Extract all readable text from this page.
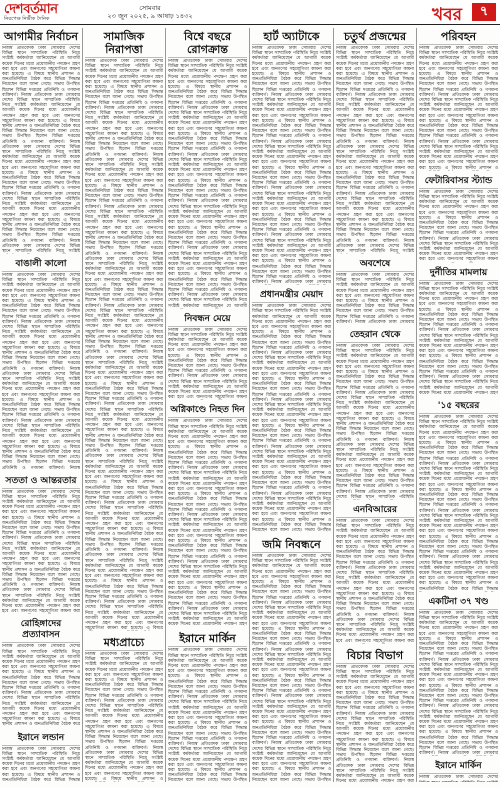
দেশবর্তমান
নিরপেক্ষ নির্ভীক দৈনিক
সোমবার
২৩ জুন ২০২৫, ৯ আষাঢ় ১৪৩২	খবর	৭
আগামীর নির্বাচন

নিজস্ব প্রতিবেদক ঢাকা সোমবার দেশের বিভিন্ন স্থানে সাম্প্রতিক পরিস্থিতি নিয়ে সংশ্লিষ্ট কর্মকর্তারা জানিয়েছেন যে আগামী কয়েক দিনের মধ্যে প্রয়োজনীয় পদক্ষেপ গ্রহণ করা হবে এবং জনগণের সহযোগিতা কামনা করা হয়েছে। এ বিষয়ে স্থানীয় প্রশাসন ও জনপ্রতিনিধিরা বৈঠক করে বিভিন্ন সিদ্ধান্ত নিয়েছেন বলে জানা গেছে। সভায় উপস্থিত ছিলেন বিভিন্ন দপ্তরের প্রতিনিধি ও গণমান্য ব্যক্তিবর্গ। নিজস্ব প্রতিবেদক ঢাকা সোমবার দেশের বিভিন্ন স্থানে সাম্প্রতিক পরিস্থিতি নিয়ে সংশ্লিষ্ট কর্মকর্তারা জানিয়েছেন যে আগামী কয়েক দিনের মধ্যে প্রয়োজনীয় পদক্ষেপ গ্রহণ করা হবে এবং জনগণের সহযোগিতা কামনা করা হয়েছে। এ বিষয়ে স্থানীয় প্রশাসন ও জনপ্রতিনিধিরা বৈঠক করে বিভিন্ন সিদ্ধান্ত নিয়েছেন বলে জানা গেছে। সভায় উপস্থিত ছিলেন বিভিন্ন দপ্তরের প্রতিনিধি ও গণমান্য ব্যক্তিবর্গ। নিজস্ব প্রতিবেদক ঢাকা সোমবার দেশের বিভিন্ন স্থানে সাম্প্রতিক পরিস্থিতি নিয়ে সংশ্লিষ্ট কর্মকর্তারা জানিয়েছেন যে আগামী কয়েক দিনের মধ্যে প্রয়োজনীয় পদক্ষেপ গ্রহণ করা হবে এবং জনগণের সহযোগিতা কামনা করা হয়েছে। এ বিষয়ে স্থানীয় প্রশাসন ও জনপ্রতিনিধিরা বৈঠক করে বিভিন্ন সিদ্ধান্ত নিয়েছেন বলে জানা গেছে। সভায় উপস্থিত ছিলেন বিভিন্ন দপ্তরের প্রতিনিধি ও গণমান্য ব্যক্তিবর্গ। নিজস্ব প্রতিবেদক ঢাকা সোমবার দেশের বিভিন্ন স্থানে সাম্প্রতিক পরিস্থিতি নিয়ে সংশ্লিষ্ট কর্মকর্তারা জানিয়েছেন যে আগামী কয়েক দিনের মধ্যে প্রয়োজনীয় পদক্ষেপ গ্রহণ করা হবে এবং জনগণের সহযোগিতা কামনা করা হয়েছে। এ বিষয়ে স্থানীয় প্রশাসন ও জনপ্রতিনিধিরা বৈঠক করে বিভিন্ন সিদ্ধান্ত নিয়েছেন বলে জানা গেছে। সভায় উপস্থিত ছিলেন বিভিন্ন দপ্তরের প্রতিনিধি ও গণমান্য ব্যক্তিবর্গ। নিজস্ব প্রতিবেদক ঢাকা সোমবার দেশের বিভিন্ন স্থানে সাম্প্রতিক পরিস্থিতি নিয়ে সংশ্লিষ্ট

বাঙালী কালো

নিজস্ব প্রতিবেদক ঢাকা সোমবার দেশের বিভিন্ন স্থানে সাম্প্রতিক পরিস্থিতি নিয়ে সংশ্লিষ্ট কর্মকর্তারা জানিয়েছেন যে আগামী কয়েক দিনের মধ্যে প্রয়োজনীয় পদক্ষেপ গ্রহণ করা হবে এবং জনগণের সহযোগিতা কামনা করা হয়েছে। এ বিষয়ে স্থানীয় প্রশাসন ও জনপ্রতিনিধিরা বৈঠক করে বিভিন্ন সিদ্ধান্ত নিয়েছেন বলে জানা গেছে। সভায় উপস্থিত ছিলেন বিভিন্ন দপ্তরের প্রতিনিধি ও গণমান্য ব্যক্তিবর্গ। নিজস্ব প্রতিবেদক ঢাকা সোমবার দেশের বিভিন্ন স্থানে সাম্প্রতিক পরিস্থিতি নিয়ে সংশ্লিষ্ট কর্মকর্তারা জানিয়েছেন যে আগামী কয়েক দিনের মধ্যে প্রয়োজনীয় পদক্ষেপ গ্রহণ করা হবে এবং জনগণের সহযোগিতা কামনা করা হয়েছে। এ বিষয়ে স্থানীয় প্রশাসন ও জনপ্রতিনিধিরা বৈঠক করে বিভিন্ন সিদ্ধান্ত নিয়েছেন বলে জানা গেছে। সভায় উপস্থিত ছিলেন বিভিন্ন দপ্তরের প্রতিনিধি ও গণমান্য ব্যক্তিবর্গ। নিজস্ব প্রতিবেদক ঢাকা সোমবার দেশের বিভিন্ন স্থানে সাম্প্রতিক পরিস্থিতি নিয়ে সংশ্লিষ্ট কর্মকর্তারা জানিয়েছেন যে আগামী কয়েক দিনের মধ্যে প্রয়োজনীয় পদক্ষেপ গ্রহণ করা হবে এবং জনগণের সহযোগিতা কামনা করা হয়েছে। এ বিষয়ে স্থানীয় প্রশাসন ও জনপ্রতিনিধিরা বৈঠক করে বিভিন্ন সিদ্ধান্ত নিয়েছেন বলে জানা গেছে। সভায় উপস্থিত ছিলেন বিভিন্ন দপ্তরের প্রতিনিধি ও গণমান্য ব্যক্তিবর্গ। নিজস্ব প্রতিবেদক ঢাকা সোমবার দেশের বিভিন্ন স্থানে সাম্প্রতিক পরিস্থিতি নিয়ে সংশ্লিষ্ট কর্মকর্তারা জানিয়েছেন যে আগামী কয়েক দিনের মধ্যে প্রয়োজনীয় পদক্ষেপ গ্রহণ করা হবে এবং জনগণের সহযোগিতা কামনা করা হয়েছে। এ বিষয়ে স্থানীয় প্রশাসন ও জনপ্রতিনিধিরা বৈঠক করে বিভিন্ন সিদ্ধান্ত নিয়েছেন বলে জানা গেছে। সভায় উপস্থিত ছিলেন বিভিন্ন দপ্তরের প্রতিনিধি ও গণমান্য ব্যক্তিবর্গ। নিজস্ব

সততা ও আন্তরতার

নিজস্ব প্রতিবেদক ঢাকা সোমবার দেশের বিভিন্ন স্থানে সাম্প্রতিক পরিস্থিতি নিয়ে সংশ্লিষ্ট কর্মকর্তারা জানিয়েছেন যে আগামী কয়েক দিনের মধ্যে প্রয়োজনীয় পদক্ষেপ গ্রহণ করা হবে এবং জনগণের সহযোগিতা কামনা করা হয়েছে। এ বিষয়ে স্থানীয় প্রশাসন ও জনপ্রতিনিধিরা বৈঠক করে বিভিন্ন সিদ্ধান্ত নিয়েছেন বলে জানা গেছে। সভায় উপস্থিত ছিলেন বিভিন্ন দপ্তরের প্রতিনিধি ও গণমান্য ব্যক্তিবর্গ। নিজস্ব প্রতিবেদক ঢাকা সোমবার দেশের বিভিন্ন স্থানে সাম্প্রতিক পরিস্থিতি নিয়ে সংশ্লিষ্ট কর্মকর্তারা জানিয়েছেন যে আগামী কয়েক দিনের মধ্যে প্রয়োজনীয় পদক্ষেপ গ্রহণ করা হবে এবং জনগণের সহযোগিতা কামনা করা হয়েছে। এ বিষয়ে স্থানীয় প্রশাসন ও জনপ্রতিনিধিরা বৈঠক করে বিভিন্ন সিদ্ধান্ত নিয়েছেন বলে জানা গেছে। সভায় উপস্থিত ছিলেন বিভিন্ন দপ্তরের প্রতিনিধি ও গণমান্য ব্যক্তিবর্গ। নিজস্ব প্রতিবেদক ঢাকা সোমবার দেশের বিভিন্ন স্থানে সাম্প্রতিক পরিস্থিতি নিয়ে সংশ্লিষ্ট কর্মকর্তারা জানিয়েছেন যে আগামী কয়েক দিনের মধ্যে প্রয়োজনীয় পদক্ষেপ গ্রহণ করা হবে এবং জনগণের সহযোগিতা কামনা করা

রোহিঙ্গাদের প্রত্যাবাসন

নিজস্ব প্রতিবেদক ঢাকা সোমবার দেশের বিভিন্ন স্থানে সাম্প্রতিক পরিস্থিতি নিয়ে সংশ্লিষ্ট কর্মকর্তারা জানিয়েছেন যে আগামী কয়েক দিনের মধ্যে প্রয়োজনীয় পদক্ষেপ গ্রহণ করা হবে এবং জনগণের সহযোগিতা কামনা করা হয়েছে। এ বিষয়ে স্থানীয় প্রশাসন ও জনপ্রতিনিধিরা বৈঠক করে বিভিন্ন সিদ্ধান্ত নিয়েছেন বলে জানা গেছে। সভায় উপস্থিত ছিলেন বিভিন্ন দপ্তরের প্রতিনিধি ও গণমান্য ব্যক্তিবর্গ। নিজস্ব প্রতিবেদক ঢাকা সোমবার দেশের বিভিন্ন স্থানে সাম্প্রতিক পরিস্থিতি নিয়ে সংশ্লিষ্ট কর্মকর্তারা জানিয়েছেন যে আগামী কয়েক দিনের মধ্যে প্রয়োজনীয় পদক্ষেপ গ্রহণ করা হবে এবং জনগণের সহযোগিতা কামনা করা হয়েছে। এ বিষয়ে স্থানীয় প্রশাসন ও জনপ্রতিনিধিরা বৈঠক করে

ইরানে লন্ডান

নিজস্ব প্রতিবেদক ঢাকা সোমবার দেশের বিভিন্ন স্থানে সাম্প্রতিক পরিস্থিতি নিয়ে সংশ্লিষ্ট কর্মকর্তারা জানিয়েছেন যে আগামী কয়েক দিনের মধ্যে প্রয়োজনীয় পদক্ষেপ গ্রহণ করা হবে এবং জনগণের সহযোগিতা কামনা করা হয়েছে। এ বিষয়ে স্থানীয় প্রশাসন ও জনপ্রতিনিধিরা বৈঠক করে বিভিন্ন সিদ্ধান্ত

সামাজিক নিরাপত্তা

নিজস্ব প্রতিবেদক ঢাকা সোমবার দেশের বিভিন্ন স্থানে সাম্প্রতিক পরিস্থিতি নিয়ে সংশ্লিষ্ট কর্মকর্তারা জানিয়েছেন যে আগামী কয়েক দিনের মধ্যে প্রয়োজনীয় পদক্ষেপ গ্রহণ করা হবে এবং জনগণের সহযোগিতা কামনা করা হয়েছে। এ বিষয়ে স্থানীয় প্রশাসন ও জনপ্রতিনিধিরা বৈঠক করে বিভিন্ন সিদ্ধান্ত নিয়েছেন বলে জানা গেছে। সভায় উপস্থিত ছিলেন বিভিন্ন দপ্তরের প্রতিনিধি ও গণমান্য ব্যক্তিবর্গ। নিজস্ব প্রতিবেদক ঢাকা সোমবার দেশের বিভিন্ন স্থানে সাম্প্রতিক পরিস্থিতি নিয়ে সংশ্লিষ্ট কর্মকর্তারা জানিয়েছেন যে আগামী কয়েক দিনের মধ্যে প্রয়োজনীয় পদক্ষেপ গ্রহণ করা হবে এবং জনগণের সহযোগিতা কামনা করা হয়েছে। এ বিষয়ে স্থানীয় প্রশাসন ও জনপ্রতিনিধিরা বৈঠক করে বিভিন্ন সিদ্ধান্ত নিয়েছেন বলে জানা গেছে। সভায় উপস্থিত ছিলেন বিভিন্ন দপ্তরের প্রতিনিধি ও গণমান্য ব্যক্তিবর্গ। নিজস্ব প্রতিবেদক ঢাকা সোমবার দেশের বিভিন্ন স্থানে সাম্প্রতিক পরিস্থিতি নিয়ে সংশ্লিষ্ট কর্মকর্তারা জানিয়েছেন যে আগামী কয়েক দিনের মধ্যে প্রয়োজনীয় পদক্ষেপ গ্রহণ করা হবে এবং জনগণের সহযোগিতা কামনা করা হয়েছে। এ বিষয়ে স্থানীয় প্রশাসন ও জনপ্রতিনিধিরা বৈঠক করে বিভিন্ন সিদ্ধান্ত নিয়েছেন বলে জানা গেছে। সভায় উপস্থিত ছিলেন বিভিন্ন দপ্তরের প্রতিনিধি ও গণমান্য ব্যক্তিবর্গ। নিজস্ব প্রতিবেদক ঢাকা সোমবার দেশের বিভিন্ন স্থানে সাম্প্রতিক পরিস্থিতি নিয়ে সংশ্লিষ্ট কর্মকর্তারা জানিয়েছেন যে আগামী কয়েক দিনের মধ্যে প্রয়োজনীয় পদক্ষেপ গ্রহণ করা হবে এবং জনগণের সহযোগিতা কামনা করা হয়েছে। এ বিষয়ে স্থানীয় প্রশাসন ও জনপ্রতিনিধিরা বৈঠক করে বিভিন্ন সিদ্ধান্ত নিয়েছেন বলে জানা গেছে। সভায় উপস্থিত ছিলেন বিভিন্ন দপ্তরের প্রতিনিধি ও গণমান্য ব্যক্তিবর্গ। নিজস্ব প্রতিবেদক ঢাকা সোমবার দেশের বিভিন্ন স্থানে সাম্প্রতিক পরিস্থিতি নিয়ে সংশ্লিষ্ট কর্মকর্তারা জানিয়েছেন যে আগামী কয়েক দিনের মধ্যে প্রয়োজনীয় পদক্ষেপ গ্রহণ করা হবে এবং জনগণের সহযোগিতা কামনা করা হয়েছে। এ বিষয়ে স্থানীয় প্রশাসন ও জনপ্রতিনিধিরা বৈঠক করে বিভিন্ন সিদ্ধান্ত নিয়েছেন বলে জানা গেছে। সভায় উপস্থিত ছিলেন বিভিন্ন দপ্তরের প্রতিনিধি ও গণমান্য ব্যক্তিবর্গ। নিজস্ব প্রতিবেদক ঢাকা সোমবার দেশের বিভিন্ন স্থানে সাম্প্রতিক পরিস্থিতি নিয়ে সংশ্লিষ্ট কর্মকর্তারা জানিয়েছেন যে আগামী কয়েক দিনের মধ্যে প্রয়োজনীয় পদক্ষেপ গ্রহণ করা হবে এবং জনগণের সহযোগিতা কামনা করা হয়েছে। এ বিষয়ে স্থানীয় প্রশাসন ও জনপ্রতিনিধিরা বৈঠক করে বিভিন্ন সিদ্ধান্ত নিয়েছেন বলে জানা গেছে। সভায় উপস্থিত ছিলেন বিভিন্ন দপ্তরের প্রতিনিধি ও গণমান্য ব্যক্তিবর্গ। নিজস্ব প্রতিবেদক ঢাকা সোমবার দেশের বিভিন্ন স্থানে সাম্প্রতিক পরিস্থিতি নিয়ে সংশ্লিষ্ট কর্মকর্তারা জানিয়েছেন যে আগামী কয়েক দিনের মধ্যে প্রয়োজনীয় পদক্ষেপ গ্রহণ করা হবে এবং জনগণের সহযোগিতা কামনা করা হয়েছে। এ বিষয়ে স্থানীয় প্রশাসন ও জনপ্রতিনিধিরা বৈঠক করে বিভিন্ন সিদ্ধান্ত নিয়েছেন বলে জানা গেছে। সভায় উপস্থিত ছিলেন বিভিন্ন দপ্তরের প্রতিনিধি ও গণমান্য ব্যক্তিবর্গ। নিজস্ব প্রতিবেদক ঢাকা সোমবার দেশের বিভিন্ন স্থানে সাম্প্রতিক পরিস্থিতি নিয়ে সংশ্লিষ্ট কর্মকর্তারা জানিয়েছেন যে আগামী কয়েক দিনের মধ্যে প্রয়োজনীয় পদক্ষেপ গ্রহণ করা হবে এবং জনগণের সহযোগিতা কামনা করা হয়েছে। এ বিষয়ে স্থানীয় প্রশাসন ও জনপ্রতিনিধিরা বৈঠক করে বিভিন্ন সিদ্ধান্ত নিয়েছেন বলে জানা গেছে। সভায় উপস্থিত ছিলেন বিভিন্ন দপ্তরের প্রতিনিধি ও গণমান্য ব্যক্তিবর্গ। নিজস্ব প্রতিবেদক ঢাকা সোমবার দেশের বিভিন্ন স্থানে সাম্প্রতিক পরিস্থিতি নিয়ে সংশ্লিষ্ট কর্মকর্তারা জানিয়েছেন যে আগামী কয়েক দিনের মধ্যে প্রয়োজনীয় পদক্ষেপ গ্রহণ করা হবে এবং জনগণের সহযোগিতা কামনা করা হয়েছে। এ বিষয়ে স্থানীয় প্রশাসন ও জনপ্রতিনিধিরা বৈঠক করে বিভিন্ন সিদ্ধান্ত নিয়েছেন বলে জানা গেছে। সভায় উপস্থিত ছিলেন বিভিন্ন দপ্তরের প্রতিনিধি ও গণমান্য ব্যক্তিবর্গ। নিজস্ব প্রতিবেদক ঢাকা সোমবার দেশের বিভিন্ন স্থানে সাম্প্রতিক পরিস্থিতি নিয়ে সংশ্লিষ্ট কর্মকর্তারা জানিয়েছেন যে আগামী কয়েক দিনের মধ্যে প্রয়োজনীয় পদক্ষেপ গ্রহণ করা হবে এবং জনগণের সহযোগিতা কামনা করা হয়েছে। এ বিষয়ে স্থানীয় প্রশাসন ও জনপ্রতিনিধিরা বৈঠক করে বিভিন্ন সিদ্ধান্ত নিয়েছেন বলে জানা গেছে। সভায় উপস্থিত ছিলেন বিভিন্ন দপ্তরের প্রতিনিধি ও গণমান্য ব্যক্তিবর্গ। নিজস্ব প্রতিবেদক ঢাকা সোমবার দেশের বিভিন্ন স্থানে সাম্প্রতিক পরিস্থিতি নিয়ে সংশ্লিষ্ট কর্মকর্তারা জানিয়েছেন যে আগামী কয়েক দিনের মধ্যে প্রয়োজনীয় পদক্ষেপ গ্রহণ করা হবে এবং জনগণের সহযোগিতা কামনা করা হয়েছে। এ বিষয়ে স্থানীয় প্রশাসন ও জনপ্রতিনিধিরা বৈঠক করে বিভিন্ন সিদ্ধান্ত নিয়েছেন বলে জানা গেছে। সভায় উপস্থিত ছিলেন বিভিন্ন দপ্তরের প্রতিনিধি ও গণমান্য ব্যক্তিবর্গ। নিজস্ব প্রতিবেদক ঢাকা সোমবার দেশের বিভিন্ন স্থানে সাম্প্রতিক পরিস্থিতি নিয়ে সংশ্লিষ্ট কর্মকর্তারা জানিয়েছেন যে আগামী কয়েক দিনের মধ্যে প্রয়োজনীয় পদক্ষেপ গ্রহণ করা হবে এবং জনগণের সহযোগিতা কামনা করা হয়েছে। এ বিষয়ে

মধ্যপ্রাচ্যে

নিজস্ব প্রতিবেদক ঢাকা সোমবার দেশের বিভিন্ন স্থানে সাম্প্রতিক পরিস্থিতি নিয়ে সংশ্লিষ্ট কর্মকর্তারা জানিয়েছেন যে আগামী কয়েক দিনের মধ্যে প্রয়োজনীয় পদক্ষেপ গ্রহণ করা হবে এবং জনগণের সহযোগিতা কামনা করা হয়েছে। এ বিষয়ে স্থানীয় প্রশাসন ও জনপ্রতিনিধিরা বৈঠক করে বিভিন্ন সিদ্ধান্ত নিয়েছেন বলে জানা গেছে। সভায় উপস্থিত ছিলেন বিভিন্ন দপ্তরের প্রতিনিধি ও গণমান্য ব্যক্তিবর্গ। নিজস্ব প্রতিবেদক ঢাকা সোমবার দেশের বিভিন্ন স্থানে সাম্প্রতিক পরিস্থিতি নিয়ে সংশ্লিষ্ট কর্মকর্তারা জানিয়েছেন যে আগামী কয়েক দিনের মধ্যে প্রয়োজনীয় পদক্ষেপ গ্রহণ করা হবে এবং জনগণের সহযোগিতা কামনা করা হয়েছে। এ বিষয়ে স্থানীয় প্রশাসন ও জনপ্রতিনিধিরা বৈঠক করে বিভিন্ন সিদ্ধান্ত নিয়েছেন বলে জানা গেছে। সভায় উপস্থিত ছিলেন বিভিন্ন দপ্তরের প্রতিনিধি ও গণমান্য ব্যক্তিবর্গ। নিজস্ব প্রতিবেদক ঢাকা সোমবার দেশের বিভিন্ন স্থানে সাম্প্রতিক পরিস্থিতি নিয়ে সংশ্লিষ্ট কর্মকর্তারা জানিয়েছেন যে আগামী কয়েক দিনের মধ্যে প্রয়োজনীয় পদক্ষেপ গ্রহণ করা হবে এবং জনগণের সহযোগিতা কামনা করা হয়েছে। এ বিষয়ে স্থানীয় প্রশাসন ও

বিশ্বে বছরে রোগক্রান্ত

নিজস্ব প্রতিবেদক ঢাকা সোমবার দেশের বিভিন্ন স্থানে সাম্প্রতিক পরিস্থিতি নিয়ে সংশ্লিষ্ট কর্মকর্তারা জানিয়েছেন যে আগামী কয়েক দিনের মধ্যে প্রয়োজনীয় পদক্ষেপ গ্রহণ করা হবে এবং জনগণের সহযোগিতা কামনা করা হয়েছে। এ বিষয়ে স্থানীয় প্রশাসন ও জনপ্রতিনিধিরা বৈঠক করে বিভিন্ন সিদ্ধান্ত নিয়েছেন বলে জানা গেছে। সভায় উপস্থিত ছিলেন বিভিন্ন দপ্তরের প্রতিনিধি ও গণমান্য ব্যক্তিবর্গ। নিজস্ব প্রতিবেদক ঢাকা সোমবার দেশের বিভিন্ন স্থানে সাম্প্রতিক পরিস্থিতি নিয়ে সংশ্লিষ্ট কর্মকর্তারা জানিয়েছেন যে আগামী কয়েক দিনের মধ্যে প্রয়োজনীয় পদক্ষেপ গ্রহণ করা হবে এবং জনগণের সহযোগিতা কামনা করা হয়েছে। এ বিষয়ে স্থানীয় প্রশাসন ও জনপ্রতিনিধিরা বৈঠক করে বিভিন্ন সিদ্ধান্ত নিয়েছেন বলে জানা গেছে। সভায় উপস্থিত ছিলেন বিভিন্ন দপ্তরের প্রতিনিধি ও গণমান্য ব্যক্তিবর্গ। নিজস্ব প্রতিবেদক ঢাকা সোমবার দেশের বিভিন্ন স্থানে সাম্প্রতিক পরিস্থিতি নিয়ে সংশ্লিষ্ট কর্মকর্তারা জানিয়েছেন যে আগামী কয়েক দিনের মধ্যে প্রয়োজনীয় পদক্ষেপ গ্রহণ করা হবে এবং জনগণের সহযোগিতা কামনা করা হয়েছে। এ বিষয়ে স্থানীয় প্রশাসন ও জনপ্রতিনিধিরা বৈঠক করে বিভিন্ন সিদ্ধান্ত নিয়েছেন বলে জানা গেছে। সভায় উপস্থিত ছিলেন বিভিন্ন দপ্তরের প্রতিনিধি ও গণমান্য ব্যক্তিবর্গ। নিজস্ব প্রতিবেদক ঢাকা সোমবার দেশের বিভিন্ন স্থানে সাম্প্রতিক পরিস্থিতি নিয়ে সংশ্লিষ্ট কর্মকর্তারা জানিয়েছেন যে আগামী কয়েক দিনের মধ্যে প্রয়োজনীয় পদক্ষেপ গ্রহণ করা হবে এবং জনগণের সহযোগিতা কামনা করা হয়েছে। এ বিষয়ে স্থানীয় প্রশাসন ও জনপ্রতিনিধিরা বৈঠক করে বিভিন্ন সিদ্ধান্ত নিয়েছেন বলে জানা গেছে। সভায় উপস্থিত ছিলেন বিভিন্ন দপ্তরের প্রতিনিধি ও গণমান্য ব্যক্তিবর্গ। নিজস্ব প্রতিবেদক ঢাকা সোমবার দেশের বিভিন্ন স্থানে সাম্প্রতিক পরিস্থিতি নিয়ে সংশ্লিষ্ট কর্মকর্তারা জানিয়েছেন যে আগামী কয়েক দিনের মধ্যে প্রয়োজনীয় পদক্ষেপ গ্রহণ করা হবে এবং জনগণের সহযোগিতা কামনা করা হয়েছে। এ বিষয়ে স্থানীয় প্রশাসন ও জনপ্রতিনিধিরা বৈঠক করে বিভিন্ন সিদ্ধান্ত নিয়েছেন বলে জানা গেছে। সভায় উপস্থিত ছিলেন বিভিন্ন দপ্তরের প্রতিনিধি ও গণমান্য ব্যক্তিবর্গ। নিজস্ব প্রতিবেদক ঢাকা সোমবার দেশের বিভিন্ন স্থানে সাম্প্রতিক পরিস্থিতি নিয়ে সংশ্লিষ্ট কর্মকর্তারা জানিয়েছেন যে আগামী

নিবন্ধন মেয়ে

নিজস্ব প্রতিবেদক ঢাকা সোমবার দেশের বিভিন্ন স্থানে সাম্প্রতিক পরিস্থিতি নিয়ে সংশ্লিষ্ট কর্মকর্তারা জানিয়েছেন যে আগামী কয়েক দিনের মধ্যে প্রয়োজনীয় পদক্ষেপ গ্রহণ করা হবে এবং জনগণের সহযোগিতা কামনা করা হয়েছে। এ বিষয়ে স্থানীয় প্রশাসন ও জনপ্রতিনিধিরা বৈঠক করে বিভিন্ন সিদ্ধান্ত নিয়েছেন বলে জানা গেছে। সভায় উপস্থিত ছিলেন বিভিন্ন দপ্তরের প্রতিনিধি ও গণমান্য ব্যক্তিবর্গ। নিজস্ব প্রতিবেদক ঢাকা সোমবার দেশের বিভিন্ন স্থানে সাম্প্রতিক পরিস্থিতি নিয়ে সংশ্লিষ্ট কর্মকর্তারা জানিয়েছেন যে আগামী কয়েক দিনের মধ্যে প্রয়োজনীয় পদক্ষেপ গ্রহণ করা হবে এবং জনগণের সহযোগিতা কামনা

অগ্নিকাণ্ডে নিহত দিন

নিজস্ব প্রতিবেদক ঢাকা সোমবার দেশের বিভিন্ন স্থানে সাম্প্রতিক পরিস্থিতি নিয়ে সংশ্লিষ্ট কর্মকর্তারা জানিয়েছেন যে আগামী কয়েক দিনের মধ্যে প্রয়োজনীয় পদক্ষেপ গ্রহণ করা হবে এবং জনগণের সহযোগিতা কামনা করা হয়েছে। এ বিষয়ে স্থানীয় প্রশাসন ও জনপ্রতিনিধিরা বৈঠক করে বিভিন্ন সিদ্ধান্ত নিয়েছেন বলে জানা গেছে। সভায় উপস্থিত ছিলেন বিভিন্ন দপ্তরের প্রতিনিধি ও গণমান্য ব্যক্তিবর্গ। নিজস্ব প্রতিবেদক ঢাকা সোমবার দেশের বিভিন্ন স্থানে সাম্প্রতিক পরিস্থিতি নিয়ে সংশ্লিষ্ট কর্মকর্তারা জানিয়েছেন যে আগামী কয়েক দিনের মধ্যে প্রয়োজনীয় পদক্ষেপ গ্রহণ করা হবে এবং জনগণের সহযোগিতা কামনা করা হয়েছে। এ বিষয়ে স্থানীয় প্রশাসন ও জনপ্রতিনিধিরা বৈঠক করে বিভিন্ন সিদ্ধান্ত নিয়েছেন বলে জানা গেছে। সভায় উপস্থিত ছিলেন বিভিন্ন দপ্তরের প্রতিনিধি ও গণমান্য ব্যক্তিবর্গ। নিজস্ব প্রতিবেদক ঢাকা সোমবার দেশের বিভিন্ন স্থানে সাম্প্রতিক পরিস্থিতি নিয়ে সংশ্লিষ্ট কর্মকর্তারা জানিয়েছেন যে আগামী কয়েক দিনের মধ্যে প্রয়োজনীয় পদক্ষেপ গ্রহণ করা হবে এবং জনগণের সহযোগিতা কামনা করা হয়েছে। এ বিষয়ে স্থানীয় প্রশাসন ও জনপ্রতিনিধিরা বৈঠক করে বিভিন্ন সিদ্ধান্ত নিয়েছেন বলে জানা গেছে। সভায় উপস্থিত ছিলেন বিভিন্ন দপ্তরের প্রতিনিধি ও গণমান্য ব্যক্তিবর্গ। নিজস্ব প্রতিবেদক ঢাকা সোমবার দেশের বিভিন্ন স্থানে সাম্প্রতিক পরিস্থিতি নিয়ে সংশ্লিষ্ট কর্মকর্তারা জানিয়েছেন যে আগামী কয়েক দিনের মধ্যে প্রয়োজনীয় পদক্ষেপ গ্রহণ করা হবে এবং জনগণের সহযোগিতা কামনা করা হয়েছে। এ বিষয়ে স্থানীয় প্রশাসন ও জনপ্রতিনিধিরা বৈঠক করে বিভিন্ন সিদ্ধান্ত নিয়েছেন বলে জানা গেছে। সভায় উপস্থিত ছিলেন বিভিন্ন দপ্তরের প্রতিনিধি ও গণমান্য ব্যক্তিবর্গ। নিজস্ব প্রতিবেদক ঢাকা সোমবার দেশের বিভিন্ন স্থানে সাম্প্রতিক পরিস্থিতি নিয়ে সংশ্লিষ্ট কর্মকর্তারা জানিয়েছেন যে আগামী কয়েক দিনের মধ্যে প্রয়োজনীয় পদক্ষেপ গ্রহণ

ইরানে মার্কিন

নিজস্ব প্রতিবেদক ঢাকা সোমবার দেশের বিভিন্ন স্থানে সাম্প্রতিক পরিস্থিতি নিয়ে সংশ্লিষ্ট কর্মকর্তারা জানিয়েছেন যে আগামী কয়েক দিনের মধ্যে প্রয়োজনীয় পদক্ষেপ গ্রহণ করা হবে এবং জনগণের সহযোগিতা কামনা করা হয়েছে। এ বিষয়ে স্থানীয় প্রশাসন ও জনপ্রতিনিধিরা বৈঠক করে বিভিন্ন সিদ্ধান্ত নিয়েছেন বলে জানা গেছে। সভায় উপস্থিত ছিলেন বিভিন্ন দপ্তরের প্রতিনিধি ও গণমান্য ব্যক্তিবর্গ। নিজস্ব প্রতিবেদক ঢাকা সোমবার দেশের বিভিন্ন স্থানে সাম্প্রতিক পরিস্থিতি নিয়ে সংশ্লিষ্ট কর্মকর্তারা জানিয়েছেন যে আগামী কয়েক দিনের মধ্যে প্রয়োজনীয় পদক্ষেপ গ্রহণ করা হবে এবং জনগণের সহযোগিতা কামনা করা হয়েছে। এ বিষয়ে স্থানীয় প্রশাসন ও জনপ্রতিনিধিরা বৈঠক করে বিভিন্ন সিদ্ধান্ত নিয়েছেন বলে জানা গেছে। সভায় উপস্থিত ছিলেন বিভিন্ন দপ্তরের প্রতিনিধি ও গণমান্য ব্যক্তিবর্গ। নিজস্ব প্রতিবেদক ঢাকা সোমবার দেশের বিভিন্ন স্থানে সাম্প্রতিক পরিস্থিতি নিয়ে সংশ্লিষ্ট কর্মকর্তারা জানিয়েছেন যে আগামী কয়েক দিনের মধ্যে প্রয়োজনীয় পদক্ষেপ গ্রহণ করা হবে এবং জনগণের সহযোগিতা কামনা করা হয়েছে। এ বিষয়ে স্থানীয় প্রশাসন ও জনপ্রতিনিধিরা বৈঠক করে বিভিন্ন সিদ্ধান্ত নিয়েছেন বলে জানা গেছে। সভায় উপস্থিত

হার্ট অ্যাটাকে

নিজস্ব প্রতিবেদক ঢাকা সোমবার দেশের বিভিন্ন স্থানে সাম্প্রতিক পরিস্থিতি নিয়ে সংশ্লিষ্ট কর্মকর্তারা জানিয়েছেন যে আগামী কয়েক দিনের মধ্যে প্রয়োজনীয় পদক্ষেপ গ্রহণ করা হবে এবং জনগণের সহযোগিতা কামনা করা হয়েছে। এ বিষয়ে স্থানীয় প্রশাসন ও জনপ্রতিনিধিরা বৈঠক করে বিভিন্ন সিদ্ধান্ত নিয়েছেন বলে জানা গেছে। সভায় উপস্থিত ছিলেন বিভিন্ন দপ্তরের প্রতিনিধি ও গণমান্য ব্যক্তিবর্গ। নিজস্ব প্রতিবেদক ঢাকা সোমবার দেশের বিভিন্ন স্থানে সাম্প্রতিক পরিস্থিতি নিয়ে সংশ্লিষ্ট কর্মকর্তারা জানিয়েছেন যে আগামী কয়েক দিনের মধ্যে প্রয়োজনীয় পদক্ষেপ গ্রহণ করা হবে এবং জনগণের সহযোগিতা কামনা করা হয়েছে। এ বিষয়ে স্থানীয় প্রশাসন ও জনপ্রতিনিধিরা বৈঠক করে বিভিন্ন সিদ্ধান্ত নিয়েছেন বলে জানা গেছে। সভায় উপস্থিত ছিলেন বিভিন্ন দপ্তরের প্রতিনিধি ও গণমান্য ব্যক্তিবর্গ। নিজস্ব প্রতিবেদক ঢাকা সোমবার দেশের বিভিন্ন স্থানে সাম্প্রতিক পরিস্থিতি নিয়ে সংশ্লিষ্ট কর্মকর্তারা জানিয়েছেন যে আগামী কয়েক দিনের মধ্যে প্রয়োজনীয় পদক্ষেপ গ্রহণ করা হবে এবং জনগণের সহযোগিতা কামনা করা হয়েছে। এ বিষয়ে স্থানীয় প্রশাসন ও জনপ্রতিনিধিরা বৈঠক করে বিভিন্ন সিদ্ধান্ত নিয়েছেন বলে জানা গেছে। সভায় উপস্থিত ছিলেন বিভিন্ন দপ্তরের প্রতিনিধি ও গণমান্য ব্যক্তিবর্গ। নিজস্ব প্রতিবেদক ঢাকা সোমবার দেশের বিভিন্ন স্থানে সাম্প্রতিক পরিস্থিতি নিয়ে সংশ্লিষ্ট কর্মকর্তারা জানিয়েছেন যে আগামী কয়েক দিনের মধ্যে প্রয়োজনীয় পদক্ষেপ গ্রহণ করা হবে এবং জনগণের সহযোগিতা কামনা করা হয়েছে। এ বিষয়ে স্থানীয় প্রশাসন ও জনপ্রতিনিধিরা বৈঠক করে বিভিন্ন সিদ্ধান্ত নিয়েছেন বলে জানা গেছে। সভায় উপস্থিত ছিলেন বিভিন্ন দপ্তরের প্রতিনিধি ও গণমান্য ব্যক্তিবর্গ। নিজস্ব প্রতিবেদক ঢাকা সোমবার দেশের বিভিন্ন স্থানে সাম্প্রতিক পরিস্থিতি নিয়ে সংশ্লিষ্ট কর্মকর্তারা জানিয়েছেন যে আগামী কয়েক দিনের মধ্যে প্রয়োজনীয় পদক্ষেপ গ্রহণ করা হবে এবং জনগণের সহযোগিতা কামনা করা হয়েছে। এ বিষয়ে স্থানীয় প্রশাসন ও জনপ্রতিনিধিরা বৈঠক করে বিভিন্ন সিদ্ধান্ত নিয়েছেন বলে জানা গেছে। সভায় উপস্থিত ছিলেন বিভিন্ন দপ্তরের প্রতিনিধি ও গণমান্য ব্যক্তিবর্গ। নিজস্ব প্রতিবেদক ঢাকা সোমবার

প্রধানমন্ত্রীর মেয়াদ

নিজস্ব প্রতিবেদক ঢাকা সোমবার দেশের বিভিন্ন স্থানে সাম্প্রতিক পরিস্থিতি নিয়ে সংশ্লিষ্ট কর্মকর্তারা জানিয়েছেন যে আগামী কয়েক দিনের মধ্যে প্রয়োজনীয় পদক্ষেপ গ্রহণ করা হবে এবং জনগণের সহযোগিতা কামনা করা হয়েছে। এ বিষয়ে স্থানীয় প্রশাসন ও জনপ্রতিনিধিরা বৈঠক করে বিভিন্ন সিদ্ধান্ত নিয়েছেন বলে জানা গেছে। সভায় উপস্থিত ছিলেন বিভিন্ন দপ্তরের প্রতিনিধি ও গণমান্য ব্যক্তিবর্গ। নিজস্ব প্রতিবেদক ঢাকা সোমবার দেশের বিভিন্ন স্থানে সাম্প্রতিক পরিস্থিতি নিয়ে সংশ্লিষ্ট কর্মকর্তারা জানিয়েছেন যে আগামী কয়েক দিনের মধ্যে প্রয়োজনীয় পদক্ষেপ গ্রহণ করা হবে এবং জনগণের সহযোগিতা কামনা করা হয়েছে। এ বিষয়ে স্থানীয় প্রশাসন ও জনপ্রতিনিধিরা বৈঠক করে বিভিন্ন সিদ্ধান্ত নিয়েছেন বলে জানা গেছে। সভায় উপস্থিত ছিলেন বিভিন্ন দপ্তরের প্রতিনিধি ও গণমান্য ব্যক্তিবর্গ। নিজস্ব প্রতিবেদক ঢাকা সোমবার দেশের বিভিন্ন স্থানে সাম্প্রতিক পরিস্থিতি নিয়ে সংশ্লিষ্ট কর্মকর্তারা জানিয়েছেন যে আগামী কয়েক দিনের মধ্যে প্রয়োজনীয় পদক্ষেপ গ্রহণ করা হবে এবং জনগণের সহযোগিতা কামনা করা হয়েছে। এ বিষয়ে স্থানীয় প্রশাসন ও জনপ্রতিনিধিরা বৈঠক করে বিভিন্ন সিদ্ধান্ত নিয়েছেন বলে জানা গেছে। সভায় উপস্থিত ছিলেন বিভিন্ন দপ্তরের প্রতিনিধি ও গণমান্য ব্যক্তিবর্গ। নিজস্ব প্রতিবেদক ঢাকা সোমবার দেশের বিভিন্ন স্থানে সাম্প্রতিক পরিস্থিতি নিয়ে সংশ্লিষ্ট কর্মকর্তারা জানিয়েছেন যে আগামী কয়েক দিনের মধ্যে প্রয়োজনীয় পদক্ষেপ গ্রহণ করা হবে এবং জনগণের সহযোগিতা কামনা করা হয়েছে। এ বিষয়ে স্থানীয় প্রশাসন ও জনপ্রতিনিধিরা বৈঠক করে বিভিন্ন সিদ্ধান্ত নিয়েছেন বলে জানা গেছে। সভায় উপস্থিত ছিলেন বিভিন্ন দপ্তরের প্রতিনিধি ও গণমান্য ব্যক্তিবর্গ। নিজস্ব প্রতিবেদক ঢাকা সোমবার দেশের বিভিন্ন স্থানে সাম্প্রতিক পরিস্থিতি নিয়ে সংশ্লিষ্ট কর্মকর্তারা জানিয়েছেন যে আগামী কয়েক দিনের মধ্যে প্রয়োজনীয় পদক্ষেপ গ্রহণ করা হবে এবং জনগণের সহযোগিতা কামনা করা হয়েছে। এ বিষয়ে স্থানীয় প্রশাসন ও জনপ্রতিনিধিরা বৈঠক করে বিভিন্ন সিদ্ধান্ত নিয়েছেন বলে জানা গেছে। সভায় উপস্থিত

জমি নিবন্ধনে

নিজস্ব প্রতিবেদক ঢাকা সোমবার দেশের বিভিন্ন স্থানে সাম্প্রতিক পরিস্থিতি নিয়ে সংশ্লিষ্ট কর্মকর্তারা জানিয়েছেন যে আগামী কয়েক দিনের মধ্যে প্রয়োজনীয় পদক্ষেপ গ্রহণ করা হবে এবং জনগণের সহযোগিতা কামনা করা হয়েছে। এ বিষয়ে স্থানীয় প্রশাসন ও জনপ্রতিনিধিরা বৈঠক করে বিভিন্ন সিদ্ধান্ত নিয়েছেন বলে জানা গেছে। সভায় উপস্থিত ছিলেন বিভিন্ন দপ্তরের প্রতিনিধি ও গণমান্য ব্যক্তিবর্গ। নিজস্ব প্রতিবেদক ঢাকা সোমবার দেশের বিভিন্ন স্থানে সাম্প্রতিক পরিস্থিতি নিয়ে সংশ্লিষ্ট কর্মকর্তারা জানিয়েছেন যে আগামী কয়েক দিনের মধ্যে প্রয়োজনীয় পদক্ষেপ গ্রহণ করা হবে এবং জনগণের সহযোগিতা কামনা করা হয়েছে। এ বিষয়ে স্থানীয় প্রশাসন ও জনপ্রতিনিধিরা বৈঠক করে বিভিন্ন সিদ্ধান্ত নিয়েছেন বলে জানা গেছে। সভায় উপস্থিত ছিলেন বিভিন্ন দপ্তরের প্রতিনিধি ও গণমান্য ব্যক্তিবর্গ। নিজস্ব প্রতিবেদক ঢাকা সোমবার দেশের বিভিন্ন স্থানে সাম্প্রতিক পরিস্থিতি নিয়ে সংশ্লিষ্ট কর্মকর্তারা জানিয়েছেন যে আগামী কয়েক দিনের মধ্যে প্রয়োজনীয় পদক্ষেপ গ্রহণ করা হবে এবং জনগণের সহযোগিতা কামনা করা হয়েছে। এ বিষয়ে স্থানীয় প্রশাসন ও জনপ্রতিনিধিরা বৈঠক করে বিভিন্ন সিদ্ধান্ত নিয়েছেন বলে জানা গেছে। সভায় উপস্থিত ছিলেন বিভিন্ন দপ্তরের প্রতিনিধি ও গণমান্য ব্যক্তিবর্গ। নিজস্ব প্রতিবেদক ঢাকা সোমবার দেশের বিভিন্ন স্থানে সাম্প্রতিক পরিস্থিতি নিয়ে সংশ্লিষ্ট কর্মকর্তারা জানিয়েছেন যে আগামী কয়েক দিনের মধ্যে প্রয়োজনীয় পদক্ষেপ গ্রহণ করা হবে এবং জনগণের সহযোগিতা কামনা করা হয়েছে। এ বিষয়ে স্থানীয় প্রশাসন ও জনপ্রতিনিধিরা বৈঠক করে বিভিন্ন সিদ্ধান্ত নিয়েছেন বলে জানা গেছে। সভায় উপস্থিত ছিলেন বিভিন্ন দপ্তরের প্রতিনিধি ও গণমান্য ব্যক্তিবর্গ। নিজস্ব প্রতিবেদক ঢাকা সোমবার দেশের বিভিন্ন স্থানে সাম্প্রতিক পরিস্থিতি নিয়ে সংশ্লিষ্ট কর্মকর্তারা জানিয়েছেন যে আগামী কয়েক দিনের মধ্যে প্রয়োজনীয় পদক্ষেপ গ্রহণ করা হবে এবং জনগণের সহযোগিতা কামনা করা হয়েছে। এ বিষয়ে স্থানীয় প্রশাসন ও জনপ্রতিনিধিরা বৈঠক করে বিভিন্ন সিদ্ধান্ত নিয়েছেন বলে জানা গেছে। সভায় উপস্থিত

চতুর্থ প্রজন্মের

নিজস্ব প্রতিবেদক ঢাকা সোমবার দেশের বিভিন্ন স্থানে সাম্প্রতিক পরিস্থিতি নিয়ে সংশ্লিষ্ট কর্মকর্তারা জানিয়েছেন যে আগামী কয়েক দিনের মধ্যে প্রয়োজনীয় পদক্ষেপ গ্রহণ করা হবে এবং জনগণের সহযোগিতা কামনা করা হয়েছে। এ বিষয়ে স্থানীয় প্রশাসন ও জনপ্রতিনিধিরা বৈঠক করে বিভিন্ন সিদ্ধান্ত নিয়েছেন বলে জানা গেছে। সভায় উপস্থিত ছিলেন বিভিন্ন দপ্তরের প্রতিনিধি ও গণমান্য ব্যক্তিবর্গ। নিজস্ব প্রতিবেদক ঢাকা সোমবার দেশের বিভিন্ন স্থানে সাম্প্রতিক পরিস্থিতি নিয়ে সংশ্লিষ্ট কর্মকর্তারা জানিয়েছেন যে আগামী কয়েক দিনের মধ্যে প্রয়োজনীয় পদক্ষেপ গ্রহণ করা হবে এবং জনগণের সহযোগিতা কামনা করা হয়েছে। এ বিষয়ে স্থানীয় প্রশাসন ও জনপ্রতিনিধিরা বৈঠক করে বিভিন্ন সিদ্ধান্ত নিয়েছেন বলে জানা গেছে। সভায় উপস্থিত ছিলেন বিভিন্ন দপ্তরের প্রতিনিধি ও গণমান্য ব্যক্তিবর্গ। নিজস্ব প্রতিবেদক ঢাকা সোমবার দেশের বিভিন্ন স্থানে সাম্প্রতিক পরিস্থিতি নিয়ে সংশ্লিষ্ট কর্মকর্তারা জানিয়েছেন যে আগামী কয়েক দিনের মধ্যে প্রয়োজনীয় পদক্ষেপ গ্রহণ করা হবে এবং জনগণের সহযোগিতা কামনা করা হয়েছে। এ বিষয়ে স্থানীয় প্রশাসন ও জনপ্রতিনিধিরা বৈঠক করে বিভিন্ন সিদ্ধান্ত নিয়েছেন বলে জানা গেছে। সভায় উপস্থিত ছিলেন বিভিন্ন দপ্তরের প্রতিনিধি ও গণমান্য ব্যক্তিবর্গ। নিজস্ব প্রতিবেদক ঢাকা সোমবার দেশের বিভিন্ন স্থানে সাম্প্রতিক পরিস্থিতি নিয়ে সংশ্লিষ্ট কর্মকর্তারা জানিয়েছেন যে আগামী কয়েক দিনের মধ্যে প্রয়োজনীয় পদক্ষেপ গ্রহণ করা হবে এবং জনগণের সহযোগিতা কামনা করা হয়েছে। এ বিষয়ে স্থানীয় প্রশাসন ও জনপ্রতিনিধিরা বৈঠক করে বিভিন্ন সিদ্ধান্ত নিয়েছেন বলে জানা গেছে। সভায় উপস্থিত ছিলেন বিভিন্ন দপ্তরের প্রতিনিধি ও গণমান্য ব্যক্তিবর্গ। নিজস্ব প্রতিবেদক ঢাকা সোমবার দেশের বিভিন্ন স্থানে সাম্প্রতিক পরিস্থিতি নিয়ে সংশ্লিষ্ট

অবশেষে

নিজস্ব প্রতিবেদক ঢাকা সোমবার দেশের বিভিন্ন স্থানে সাম্প্রতিক পরিস্থিতি নিয়ে সংশ্লিষ্ট কর্মকর্তারা জানিয়েছেন যে আগামী কয়েক দিনের মধ্যে প্রয়োজনীয় পদক্ষেপ গ্রহণ করা হবে এবং জনগণের সহযোগিতা কামনা করা হয়েছে। এ বিষয়ে স্থানীয় প্রশাসন ও জনপ্রতিনিধিরা বৈঠক করে বিভিন্ন সিদ্ধান্ত নিয়েছেন বলে জানা গেছে। সভায় উপস্থিত ছিলেন বিভিন্ন দপ্তরের প্রতিনিধি ও গণমান্য ব্যক্তিবর্গ। নিজস্ব প্রতিবেদক ঢাকা সোমবার

তেহরান থেকে

নিজস্ব প্রতিবেদক ঢাকা সোমবার দেশের বিভিন্ন স্থানে সাম্প্রতিক পরিস্থিতি নিয়ে সংশ্লিষ্ট কর্মকর্তারা জানিয়েছেন যে আগামী কয়েক দিনের মধ্যে প্রয়োজনীয় পদক্ষেপ গ্রহণ করা হবে এবং জনগণের সহযোগিতা কামনা করা হয়েছে। এ বিষয়ে স্থানীয় প্রশাসন ও জনপ্রতিনিধিরা বৈঠক করে বিভিন্ন সিদ্ধান্ত নিয়েছেন বলে জানা গেছে। সভায় উপস্থিত ছিলেন বিভিন্ন দপ্তরের প্রতিনিধি ও গণমান্য ব্যক্তিবর্গ। নিজস্ব প্রতিবেদক ঢাকা সোমবার দেশের বিভিন্ন স্থানে সাম্প্রতিক পরিস্থিতি নিয়ে সংশ্লিষ্ট কর্মকর্তারা জানিয়েছেন যে আগামী কয়েক দিনের মধ্যে প্রয়োজনীয় পদক্ষেপ গ্রহণ করা হবে এবং জনগণের সহযোগিতা কামনা করা হয়েছে। এ বিষয়ে স্থানীয় প্রশাসন ও জনপ্রতিনিধিরা বৈঠক করে বিভিন্ন সিদ্ধান্ত নিয়েছেন বলে জানা গেছে। সভায় উপস্থিত ছিলেন বিভিন্ন দপ্তরের প্রতিনিধি ও গণমান্য ব্যক্তিবর্গ। নিজস্ব প্রতিবেদক ঢাকা সোমবার দেশের বিভিন্ন স্থানে সাম্প্রতিক পরিস্থিতি নিয়ে সংশ্লিষ্ট কর্মকর্তারা জানিয়েছেন যে আগামী কয়েক দিনের মধ্যে প্রয়োজনীয় পদক্ষেপ গ্রহণ করা হবে এবং জনগণের সহযোগিতা কামনা করা হয়েছে। এ বিষয়ে স্থানীয় প্রশাসন ও জনপ্রতিনিধিরা বৈঠক করে বিভিন্ন সিদ্ধান্ত নিয়েছেন বলে জানা গেছে। সভায় উপস্থিত ছিলেন বিভিন্ন দপ্তরের প্রতিনিধি ও গণমান্য ব্যক্তিবর্গ। নিজস্ব প্রতিবেদক ঢাকা সোমবার দেশের বিভিন্ন স্থানে সাম্প্রতিক পরিস্থিতি

এনবিআরের

নিজস্ব প্রতিবেদক ঢাকা সোমবার দেশের বিভিন্ন স্থানে সাম্প্রতিক পরিস্থিতি নিয়ে সংশ্লিষ্ট কর্মকর্তারা জানিয়েছেন যে আগামী কয়েক দিনের মধ্যে প্রয়োজনীয় পদক্ষেপ গ্রহণ করা হবে এবং জনগণের সহযোগিতা কামনা করা হয়েছে। এ বিষয়ে স্থানীয় প্রশাসন ও জনপ্রতিনিধিরা বৈঠক করে বিভিন্ন সিদ্ধান্ত নিয়েছেন বলে জানা গেছে। সভায় উপস্থিত ছিলেন বিভিন্ন দপ্তরের প্রতিনিধি ও গণমান্য ব্যক্তিবর্গ। নিজস্ব প্রতিবেদক ঢাকা সোমবার দেশের বিভিন্ন স্থানে সাম্প্রতিক পরিস্থিতি নিয়ে সংশ্লিষ্ট কর্মকর্তারা জানিয়েছেন যে আগামী কয়েক দিনের মধ্যে প্রয়োজনীয় পদক্ষেপ গ্রহণ করা হবে এবং জনগণের সহযোগিতা কামনা করা হয়েছে। এ বিষয়ে স্থানীয় প্রশাসন ও জনপ্রতিনিধিরা বৈঠক করে বিভিন্ন সিদ্ধান্ত নিয়েছেন বলে জানা গেছে। সভায় উপস্থিত ছিলেন বিভিন্ন দপ্তরের প্রতিনিধি ও গণমান্য ব্যক্তিবর্গ। নিজস্ব প্রতিবেদক ঢাকা সোমবার দেশের বিভিন্ন স্থানে সাম্প্রতিক পরিস্থিতি নিয়ে সংশ্লিষ্ট কর্মকর্তারা জানিয়েছেন যে আগামী কয়েক দিনের মধ্যে প্রয়োজনীয় পদক্ষেপ গ্রহণ করা হবে এবং জনগণের সহযোগিতা কামনা করা

বিচার বিভাগ

নিজস্ব প্রতিবেদক ঢাকা সোমবার দেশের বিভিন্ন স্থানে সাম্প্রতিক পরিস্থিতি নিয়ে সংশ্লিষ্ট কর্মকর্তারা জানিয়েছেন যে আগামী কয়েক দিনের মধ্যে প্রয়োজনীয় পদক্ষেপ গ্রহণ করা হবে এবং জনগণের সহযোগিতা কামনা করা হয়েছে। এ বিষয়ে স্থানীয় প্রশাসন ও জনপ্রতিনিধিরা বৈঠক করে বিভিন্ন সিদ্ধান্ত নিয়েছেন বলে জানা গেছে। সভায় উপস্থিত ছিলেন বিভিন্ন দপ্তরের প্রতিনিধি ও গণমান্য ব্যক্তিবর্গ। নিজস্ব প্রতিবেদক ঢাকা সোমবার দেশের বিভিন্ন স্থানে সাম্প্রতিক পরিস্থিতি নিয়ে সংশ্লিষ্ট কর্মকর্তারা জানিয়েছেন যে আগামী কয়েক দিনের মধ্যে প্রয়োজনীয় পদক্ষেপ গ্রহণ করা হবে এবং জনগণের সহযোগিতা কামনা করা হয়েছে। এ বিষয়ে স্থানীয় প্রশাসন ও জনপ্রতিনিধিরা বৈঠক করে বিভিন্ন সিদ্ধান্ত নিয়েছেন বলে জানা গেছে। সভায় উপস্থিত ছিলেন বিভিন্ন দপ্তরের প্রতিনিধি ও গণমান্য ব্যক্তিবর্গ। নিজস্ব প্রতিবেদক ঢাকা সোমবার দেশের বিভিন্ন স্থানে সাম্প্রতিক পরিস্থিতি নিয়ে সংশ্লিষ্ট কর্মকর্তারা জানিয়েছেন যে আগামী কয়েক দিনের মধ্যে প্রয়োজনীয় পদক্ষেপ গ্রহণ করা

পরিবহন

নিজস্ব প্রতিবেদক ঢাকা সোমবার দেশের বিভিন্ন স্থানে সাম্প্রতিক পরিস্থিতি নিয়ে সংশ্লিষ্ট কর্মকর্তারা জানিয়েছেন যে আগামী কয়েক দিনের মধ্যে প্রয়োজনীয় পদক্ষেপ গ্রহণ করা হবে এবং জনগণের সহযোগিতা কামনা করা হয়েছে। এ বিষয়ে স্থানীয় প্রশাসন ও জনপ্রতিনিধিরা বৈঠক করে বিভিন্ন সিদ্ধান্ত নিয়েছেন বলে জানা গেছে। সভায় উপস্থিত ছিলেন বিভিন্ন দপ্তরের প্রতিনিধি ও গণমান্য ব্যক্তিবর্গ। নিজস্ব প্রতিবেদক ঢাকা সোমবার দেশের বিভিন্ন স্থানে সাম্প্রতিক পরিস্থিতি নিয়ে সংশ্লিষ্ট কর্মকর্তারা জানিয়েছেন যে আগামী কয়েক দিনের মধ্যে প্রয়োজনীয় পদক্ষেপ গ্রহণ করা হবে এবং জনগণের সহযোগিতা কামনা করা হয়েছে। এ বিষয়ে স্থানীয় প্রশাসন ও জনপ্রতিনিধিরা বৈঠক করে বিভিন্ন সিদ্ধান্ত নিয়েছেন বলে জানা গেছে। সভায় উপস্থিত ছিলেন বিভিন্ন দপ্তরের প্রতিনিধি ও গণমান্য ব্যক্তিবর্গ। নিজস্ব প্রতিবেদক ঢাকা সোমবার দেশের বিভিন্ন স্থানে সাম্প্রতিক পরিস্থিতি নিয়ে সংশ্লিষ্ট কর্মকর্তারা জানিয়েছেন যে আগামী কয়েক দিনের মধ্যে প্রয়োজনীয় পদক্ষেপ গ্রহণ করা হবে এবং জনগণের সহযোগিতা কামনা করা হয়েছে। এ বিষয়ে স্থানীয় প্রশাসন ও

ফেটারিবাসর স্ট্যান্ড

নিজস্ব প্রতিবেদক ঢাকা সোমবার দেশের বিভিন্ন স্থানে সাম্প্রতিক পরিস্থিতি নিয়ে সংশ্লিষ্ট কর্মকর্তারা জানিয়েছেন যে আগামী কয়েক দিনের মধ্যে প্রয়োজনীয় পদক্ষেপ গ্রহণ করা হবে এবং জনগণের সহযোগিতা কামনা করা হয়েছে। এ বিষয়ে স্থানীয় প্রশাসন ও জনপ্রতিনিধিরা বৈঠক করে বিভিন্ন সিদ্ধান্ত নিয়েছেন বলে জানা গেছে। সভায় উপস্থিত ছিলেন বিভিন্ন দপ্তরের প্রতিনিধি ও গণমান্য ব্যক্তিবর্গ। নিজস্ব প্রতিবেদক ঢাকা সোমবার দেশের বিভিন্ন স্থানে সাম্প্রতিক পরিস্থিতি নিয়ে সংশ্লিষ্ট কর্মকর্তারা জানিয়েছেন যে আগামী কয়েক দিনের মধ্যে প্রয়োজনীয় পদক্ষেপ গ্রহণ করা হবে এবং জনগণের সহযোগিতা কামনা

দুর্নীতির মামলায়

নিজস্ব প্রতিবেদক ঢাকা সোমবার দেশের বিভিন্ন স্থানে সাম্প্রতিক পরিস্থিতি নিয়ে সংশ্লিষ্ট কর্মকর্তারা জানিয়েছেন যে আগামী কয়েক দিনের মধ্যে প্রয়োজনীয় পদক্ষেপ গ্রহণ করা হবে এবং জনগণের সহযোগিতা কামনা করা হয়েছে। এ বিষয়ে স্থানীয় প্রশাসন ও জনপ্রতিনিধিরা বৈঠক করে বিভিন্ন সিদ্ধান্ত নিয়েছেন বলে জানা গেছে। সভায় উপস্থিত ছিলেন বিভিন্ন দপ্তরের প্রতিনিধি ও গণমান্য ব্যক্তিবর্গ। নিজস্ব প্রতিবেদক ঢাকা সোমবার দেশের বিভিন্ন স্থানে সাম্প্রতিক পরিস্থিতি নিয়ে সংশ্লিষ্ট কর্মকর্তারা জানিয়েছেন যে আগামী কয়েক দিনের মধ্যে প্রয়োজনীয় পদক্ষেপ গ্রহণ করা হবে এবং জনগণের সহযোগিতা কামনা করা হয়েছে। এ বিষয়ে স্থানীয় প্রশাসন ও জনপ্রতিনিধিরা বৈঠক করে বিভিন্ন সিদ্ধান্ত নিয়েছেন বলে জানা গেছে। সভায় উপস্থিত ছিলেন বিভিন্ন দপ্তরের প্রতিনিধি ও গণমান্য ব্যক্তিবর্গ। নিজস্ব প্রতিবেদক ঢাকা সোমবার দেশের বিভিন্ন স্থানে সাম্প্রতিক পরিস্থিতি নিয়ে সংশ্লিষ্ট কর্মকর্তারা জানিয়েছেন যে আগামী কয়েক দিনের মধ্যে প্রয়োজনীয় পদক্ষেপ গ্রহণ

'১৫ বছরের

নিজস্ব প্রতিবেদক ঢাকা সোমবার দেশের বিভিন্ন স্থানে সাম্প্রতিক পরিস্থিতি নিয়ে সংশ্লিষ্ট কর্মকর্তারা জানিয়েছেন যে আগামী কয়েক দিনের মধ্যে প্রয়োজনীয় পদক্ষেপ গ্রহণ করা হবে এবং জনগণের সহযোগিতা কামনা করা হয়েছে। এ বিষয়ে স্থানীয় প্রশাসন ও জনপ্রতিনিধিরা বৈঠক করে বিভিন্ন সিদ্ধান্ত নিয়েছেন বলে জানা গেছে। সভায় উপস্থিত ছিলেন বিভিন্ন দপ্তরের প্রতিনিধি ও গণমান্য ব্যক্তিবর্গ। নিজস্ব প্রতিবেদক ঢাকা সোমবার দেশের বিভিন্ন স্থানে সাম্প্রতিক পরিস্থিতি নিয়ে সংশ্লিষ্ট কর্মকর্তারা জানিয়েছেন যে আগামী কয়েক দিনের মধ্যে প্রয়োজনীয় পদক্ষেপ গ্রহণ করা হবে এবং জনগণের সহযোগিতা কামনা করা হয়েছে। এ বিষয়ে স্থানীয় প্রশাসন ও জনপ্রতিনিধিরা বৈঠক করে বিভিন্ন সিদ্ধান্ত নিয়েছেন বলে জানা গেছে। সভায় উপস্থিত ছিলেন বিভিন্ন দপ্তরের প্রতিনিধি ও গণমান্য ব্যক্তিবর্গ। নিজস্ব প্রতিবেদক ঢাকা সোমবার দেশের বিভিন্ন স্থানে সাম্প্রতিক পরিস্থিতি নিয়ে সংশ্লিষ্ট কর্মকর্তারা জানিয়েছেন যে আগামী কয়েক দিনের মধ্যে প্রয়োজনীয় পদক্ষেপ গ্রহণ করা হবে এবং জনগণের সহযোগিতা কামনা করা হয়েছে। এ বিষয়ে স্থানীয় প্রশাসন ও জনপ্রতিনিধিরা বৈঠক করে বিভিন্ন সিদ্ধান্ত নিয়েছেন বলে জানা গেছে। সভায় উপস্থিত ছিলেন বিভিন্ন দপ্তরের প্রতিনিধি ও গণমান্য ব্যক্তিবর্গ। নিজস্ব প্রতিবেদক ঢাকা সোমবার দেশের বিভিন্ন স্থানে সাম্প্রতিক পরিস্থিতি নিয়ে সংশ্লিষ্ট কর্মকর্তারা জানিয়েছেন যে আগামী কয়েক দিনের মধ্যে প্রয়োজনীয় পদক্ষেপ গ্রহণ করা হবে এবং জনগণের সহযোগিতা কামনা করা হয়েছে। এ বিষয়ে স্থানীয় প্রশাসন ও জনপ্রতিনিধিরা বৈঠক করে বিভিন্ন সিদ্ধান্ত

একটিনা ৩৭ খণ্ড

নিজস্ব প্রতিবেদক ঢাকা সোমবার দেশের বিভিন্ন স্থানে সাম্প্রতিক পরিস্থিতি নিয়ে সংশ্লিষ্ট কর্মকর্তারা জানিয়েছেন যে আগামী কয়েক দিনের মধ্যে প্রয়োজনীয় পদক্ষেপ গ্রহণ করা হবে এবং জনগণের সহযোগিতা কামনা করা হয়েছে। এ বিষয়ে স্থানীয় প্রশাসন ও জনপ্রতিনিধিরা বৈঠক করে বিভিন্ন সিদ্ধান্ত নিয়েছেন বলে জানা গেছে। সভায় উপস্থিত ছিলেন বিভিন্ন দপ্তরের প্রতিনিধি ও গণমান্য ব্যক্তিবর্গ। নিজস্ব প্রতিবেদক ঢাকা সোমবার দেশের বিভিন্ন স্থানে সাম্প্রতিক পরিস্থিতি নিয়ে সংশ্লিষ্ট কর্মকর্তারা জানিয়েছেন যে আগামী কয়েক দিনের মধ্যে প্রয়োজনীয় পদক্ষেপ গ্রহণ করা হবে এবং জনগণের সহযোগিতা কামনা করা হয়েছে। এ বিষয়ে স্থানীয় প্রশাসন ও জনপ্রতিনিধিরা বৈঠক করে বিভিন্ন সিদ্ধান্ত নিয়েছেন বলে জানা গেছে। সভায় উপস্থিত ছিলেন বিভিন্ন দপ্তরের প্রতিনিধি ও গণমান্য ব্যক্তিবর্গ। নিজস্ব প্রতিবেদক ঢাকা সোমবার দেশের বিভিন্ন স্থানে সাম্প্রতিক পরিস্থিতি নিয়ে সংশ্লিষ্ট কর্মকর্তারা জানিয়েছেন যে আগামী কয়েক দিনের মধ্যে প্রয়োজনীয় পদক্ষেপ গ্রহণ করা হবে এবং জনগণের সহযোগিতা কামনা করা হয়েছে। এ বিষয়ে স্থানীয় প্রশাসন ও জনপ্রতিনিধিরা বৈঠক করে বিভিন্ন সিদ্ধান্ত নিয়েছেন বলে জানা গেছে। সভায় উপস্থিত ছিলেন বিভিন্ন দপ্তরের প্রতিনিধি ও গণমান্য ব্যক্তিবর্গ। নিজস্ব প্রতিবেদক ঢাকা সোমবার

ইরানে মার্কিন

নিজস্ব প্রতিবেদক ঢাকা সোমবার দেশের
